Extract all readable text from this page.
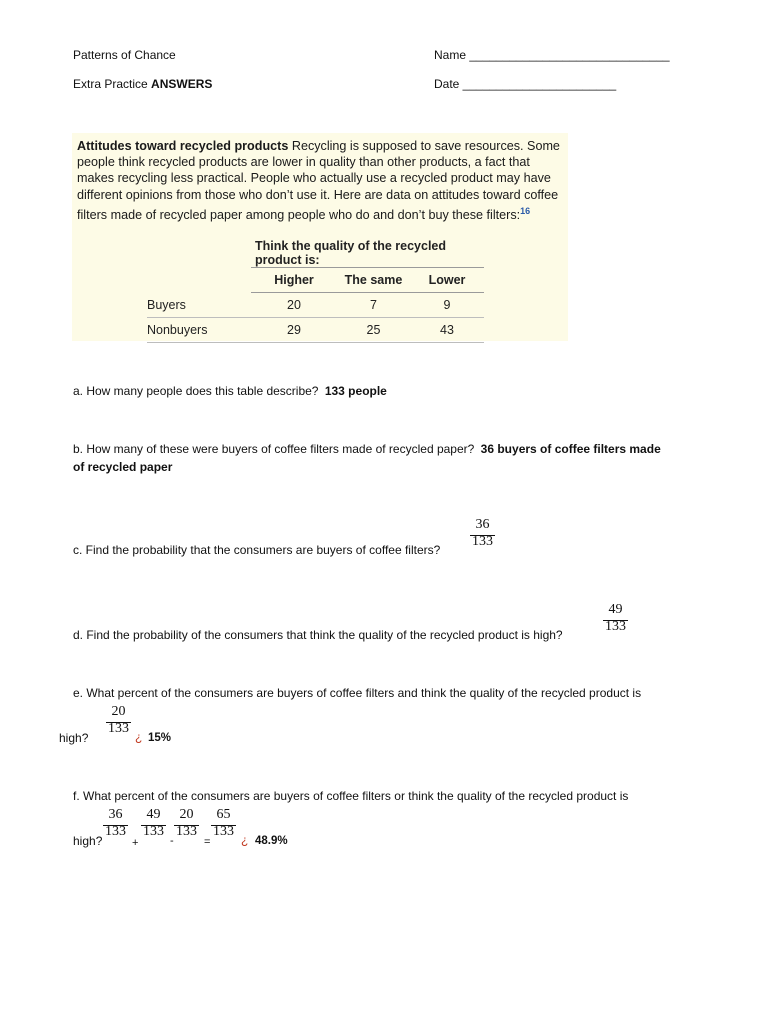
Patterns of Chance	Name ______________________________
Extra Practice ANSWERS	Date _______________________

Attitudes toward recycled products Recycling is supposed to save resources. Some people think recycled products are lower in quality than other products, a fact that makes recycling less practical. People who actually use a recycled product may have different opinions from those who don’t use it. Here are data on attitudes toward coffee filters made of recycled paper among people who do and don’t buy these filters:$^{16}$

	Think the quality of the recycled product is:		
	Higher	The same	Lower
Buyers	20	7	9
Nonbuyers	29	25	43
a. How many people does this table describe? 133 people
b. How many of these were buyers of coffee filters made of recycled paper? 36 buyers of coffee filters made
of recycled paper
c. Find the probability that the consumers are buyers of coffee filters?
36
133
d. Find the probability of the consumers that think the quality of the recycled product is high?
49
133
e. What percent of the consumers are buyers of coffee filters and think the quality of the recycled product is
high?
20
133
¿ 15%
f. What percent of the consumers are buyers of coffee filters or think the quality of the recycled product is
high?
36
133
+
49
133
-
20
133
=
65
133
¿ 48.9%
